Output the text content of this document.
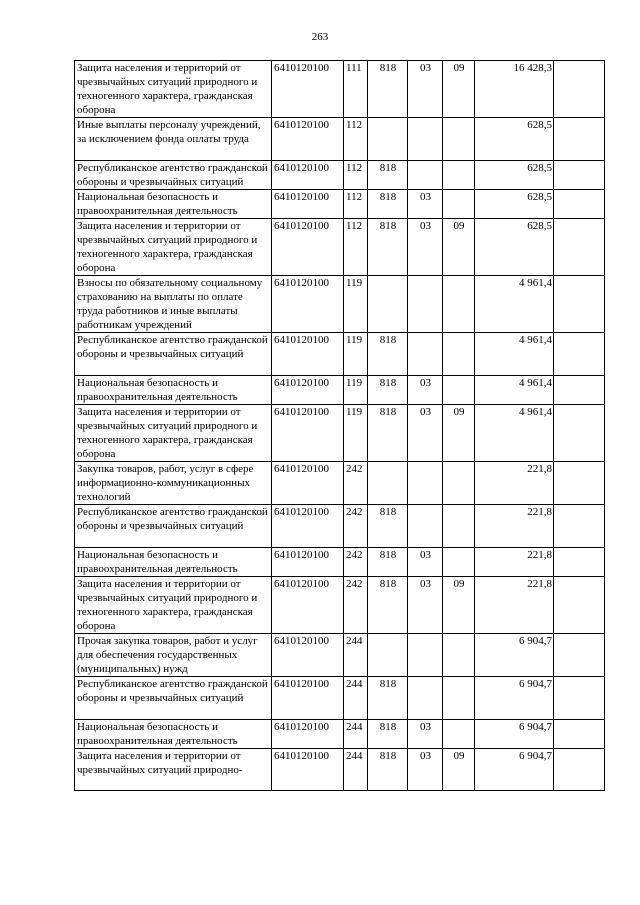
263
Защита населения и территорий от чрезвычайных ситуаций природного и техногенного характера, гражданская оборона	6410120100	111	818	03	09	16 428,3	
Иные выплаты персоналу учреждений, за исключением фонда оплаты труда	6410120100	112				628,5	
Республиканское агентство гражданской обороны и чрезвычайных ситуаций	6410120100	112	818			628,5	
Национальная безопасность и правоохранительная деятельность	6410120100	112	818	03		628,5	
Защита населения и территории от чрезвычайных ситуаций природного и техногенного характера, гражданская оборона	6410120100	112	818	03	09	628,5	
Взносы по обязательному социальному страхованию на выплаты по оплате труда работников и иные выплаты работникам учреждений	6410120100	119				4 961,4	
Республиканское агентство гражданской обороны и чрезвычайных ситуаций	6410120100	119	818			4 961,4	
Национальная безопасность и правоохранительная деятельность	6410120100	119	818	03		4 961,4	
Защита населения и территории от чрезвычайных ситуаций природного и техногенного характера, гражданская оборона	6410120100	119	818	03	09	4 961,4	
Закупка товаров, работ, услуг в сфере информационно-коммуникационных технологий	6410120100	242				221,8	
Республиканское агентство гражданской обороны и чрезвычайных ситуаций	6410120100	242	818			221,8	
Национальная безопасность и правоохранительная деятельность	6410120100	242	818	03		221,8	
Защита населения и территории от чрезвычайных ситуаций природного и техногенного характера, гражданская оборона	6410120100	242	818	03	09	221,8	
Прочая закупка товаров, работ и услуг для обеспечения государственных (муниципальных) нужд	6410120100	244				6 904,7	
Республиканское агентство гражданской обороны и чрезвычайных ситуаций	6410120100	244	818			6 904,7	
Национальная безопасность и правоохранительная деятельность	6410120100	244	818	03		6 904,7	
Защита населения и территории от чрезвычайных ситуаций природно-	6410120100	244	818	03	09	6 904,7	
